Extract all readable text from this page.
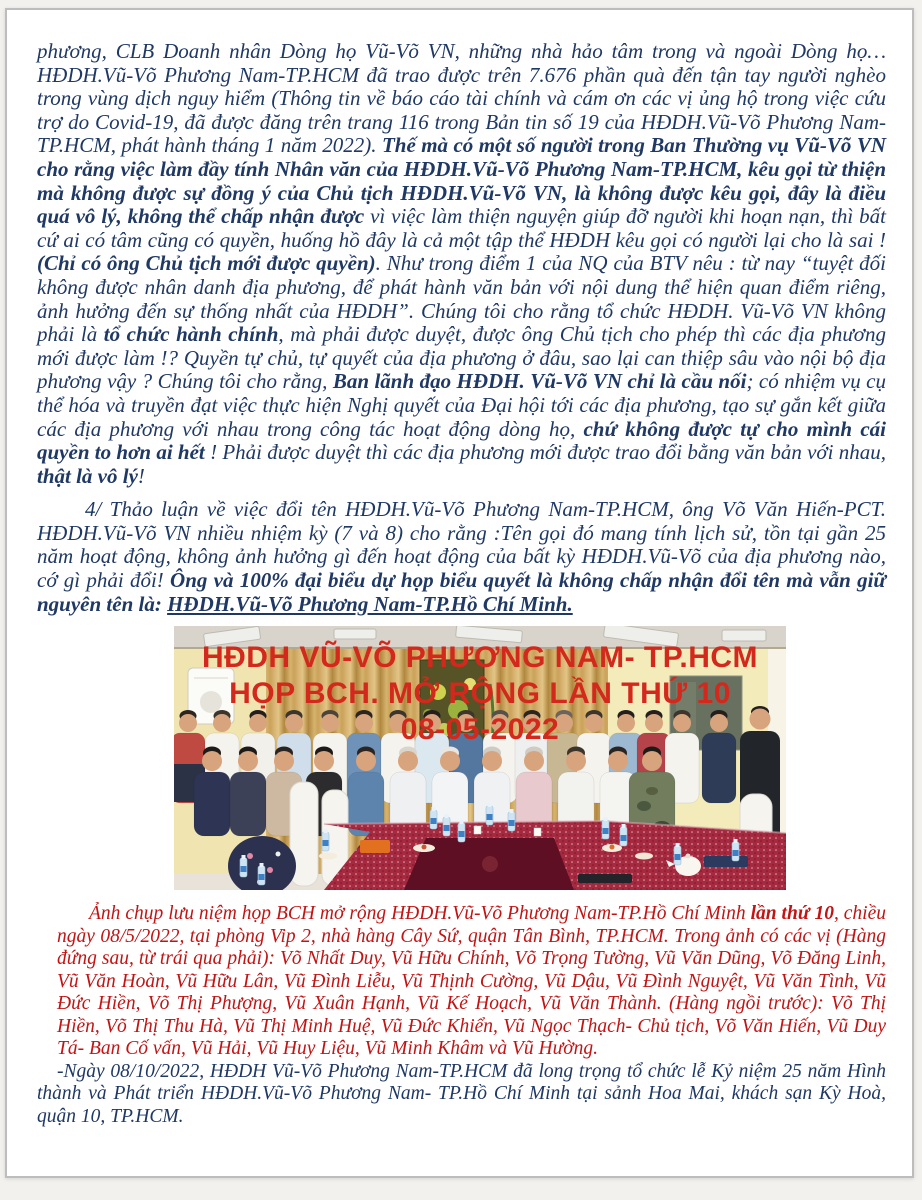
phương, CLB Doanh nhân Dòng họ Vũ-Võ VN, những nhà hảo tâm trong và ngoài Dòng họ…HĐDH.Vũ-Võ Phương Nam-TP.HCM đã trao được trên 7.676 phần quà đến tận tay người nghèo trong vùng dịch nguy hiểm (Thông tin về báo cáo tài chính và cám ơn các vị ủng hộ trong việc cứu trợ do Covid-19, đã được đăng trên trang 116 trong Bản tin số 19 của HĐDH.Vũ-Võ Phương Nam-TP.HCM, phát hành tháng 1 năm 2022). Thế mà có một số người trong Ban Thường vụ Vũ-Võ VN cho rằng việc làm đầy tính Nhân văn của HĐDH.Vũ-Võ Phương Nam-TP.HCM, kêu gọi từ thiện mà không được sự đồng ý của Chủ tịch HĐDH.Vũ-Võ VN, là không được kêu gọi, đây là điều quá vô lý, không thể chấp nhận được vì việc làm thiện nguyện giúp đỡ người khi hoạn nạn, thì bất cứ ai có tâm cũng có quyền, huống hồ đây là cả một tập thể HĐDH kêu gọi có người lại cho là sai ! (Chỉ có ông Chủ tịch mới được quyền). Như trong điểm 1 của NQ của BTV nêu : từ nay “tuyệt đối không được nhân danh địa phương, để phát hành văn bản với nội dung thể hiện quan điểm riêng, ảnh hưởng đến sự thống nhất của HĐDH”. Chúng tôi cho rằng tổ chức HĐDH. Vũ-Võ VN không phải là tổ chức hành chính, mà phải được duyệt, được ông Chủ tịch cho phép thì các địa phương mới được làm !? Quyền tự chủ, tự quyết của địa phương ở đâu, sao lại can thiệp sâu vào nội bộ địa phương vậy ? Chúng tôi cho rằng, Ban lãnh đạo HĐDH. Vũ-Võ VN chỉ là cầu nối; có nhiệm vụ cụ thể hóa và truyền đạt việc thực hiện Nghị quyết của Đại hội tới các địa phương, tạo sự gắn kết giữa các địa phương với nhau trong công tác hoạt động dòng họ, chứ không được tự cho mình cái quyền to hơn ai hết ! Phải được duyệt thì các địa phương mới được trao đổi bằng văn bản với nhau, thật là vô lý!

4/ Thảo luận về việc đổi tên HĐDH.Vũ-Võ Phương Nam-TP.HCM, ông Võ Văn Hiến-PCT. HĐDH.Vũ-Võ VN nhiều nhiệm kỳ (7 và 8) cho rằng :Tên gọi đó mang tính lịch sử, tồn tại gần 25 năm hoạt động, không ảnh hưởng gì đến hoạt động của bất kỳ HĐDH.Vũ-Võ của địa phương nào, cớ gì phải đổi! Ông và 100% đại biểu dự họp biểu quyết là không chấp nhận đổi tên mà vẫn giữ nguyên tên là: HĐDH.Vũ-Võ Phương Nam-TP.Hồ Chí Minh.

HĐDH VŨ-VÕ PHƯƠNG NAM- TP.HCM
HỌP BCH. MỞ RỘNG LẦN THỨ 10
08-05-2022

Ảnh chụp lưu niệm họp BCH mở rộng HĐDH.Vũ-Võ Phương Nam-TP.Hồ Chí Minh lần thứ 10, chiều ngày 08/5/2022, tại phòng Vip 2, nhà hàng Cây Sứ, quận Tân Bình, TP.HCM. Trong ảnh có các vị (Hàng đứng sau, từ trái qua phải): Võ Nhất Duy, Vũ Hữu Chính, Võ Trọng Tường, Vũ Văn Dũng, Võ Đăng Linh, Vũ Văn Hoàn, Vũ Hữu Lân, Vũ Đình Liễu, Vũ Thịnh Cường, Vũ Dậu, Vũ Đình Nguyệt, Vũ Văn Tình, Vũ Đức Hiền, Võ Thị Phượng, Vũ Xuân Hạnh, Vũ Kế Hoạch, Vũ Văn Thành. (Hàng ngồi trước): Võ Thị Hiền, Võ Thị Thu Hà, Vũ Thị Minh Huệ, Vũ Đức Khiển, Vũ Ngọc Thạch- Chủ tịch, Võ Văn Hiến, Vũ Duy Tá- Ban Cố vấn, Vũ Hải, Vũ Huy Liệu, Vũ Minh Khâm và Vũ Hường.

-Ngày 08/10/2022, HĐDH Vũ-Võ Phương Nam-TP.HCM đã long trọng tổ chức lễ Kỷ niệm 25 năm Hình thành và Phát triển HĐDH.Vũ-Võ Phương Nam- TP.Hồ Chí Minh tại sảnh Hoa Mai, khách sạn Kỳ Hoà, quận 10, TP.HCM.
